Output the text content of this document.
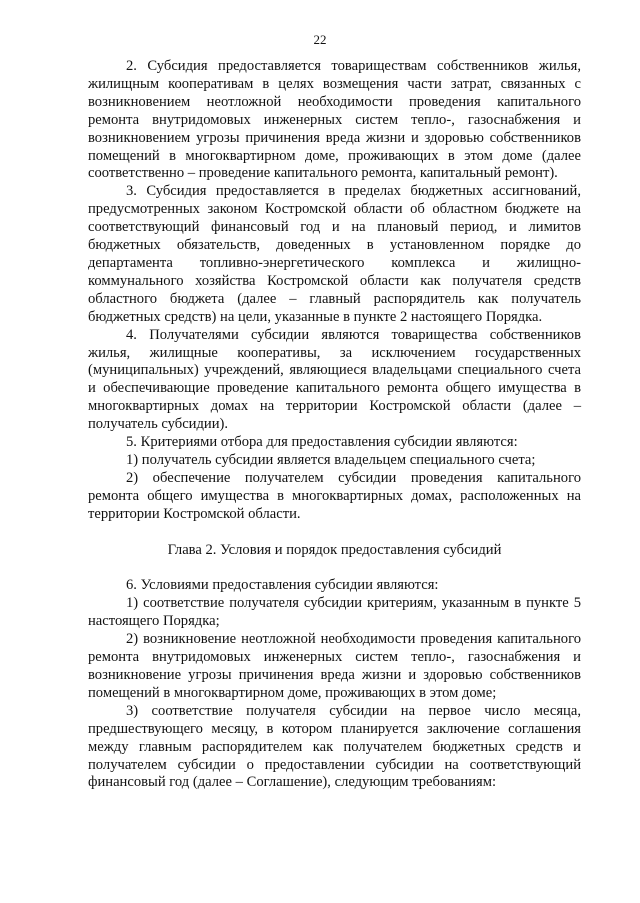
22

2. Субсидия предоставляется товариществам собственников жилья, жилищным кооперативам в целях возмещения части затрат, связанных с возникновением неотложной необходимости проведения капитального ремонта внутридомовых инженерных систем тепло-, газоснабжения и возникновением угрозы причинения вреда жизни и здоровью собственников помещений в многоквартирном доме, проживающих в этом доме (далее соответственно – проведение капитального ремонта, капитальный ремонт).

3. Субсидия предоставляется в пределах бюджетных ассигнований, предусмотренных законом Костромской области об областном бюджете на соответствующий финансовый год и на плановый период, и лимитов бюджетных обязательств, доведенных в установленном порядке до департамента топливно-энергетического комплекса и жилищно-коммунального хозяйства Костромской области как получателя средств областного бюджета (далее – главный распорядитель как получатель бюджетных средств) на цели, указанные в пункте 2 настоящего Порядка.

4. Получателями субсидии являются товарищества собственников жилья, жилищные кооперативы, за исключением государственных (муниципальных) учреждений, являющиеся владельцами специального счета и обеспечивающие проведение капитального ремонта общего имущества в многоквартирных домах на территории Костромской области (далее – получатель субсидии).

5. Критериями отбора для предоставления субсидии являются:

1) получатель субсидии является владельцем специального счета;

2) обеспечение получателем субсидии проведения капитального ремонта общего имущества в многоквартирных домах, расположенных на территории Костромской области.

Глава 2. Условия и порядок предоставления субсидий

6. Условиями предоставления субсидии являются:

1) соответствие получателя субсидии критериям, указанным в пункте 5 настоящего Порядка;

2) возникновение неотложной необходимости проведения капитального ремонта внутридомовых инженерных систем тепло-, газоснабжения и возникновение угрозы причинения вреда жизни и здоровью собственников помещений в многоквартирном доме, проживающих в этом доме;

3) соответствие получателя субсидии на первое число месяца, предшествующего месяцу, в котором планируется заключение соглашения между главным распорядителем как получателем бюджетных средств и получателем субсидии о предоставлении субсидии на соответствующий финансовый год (далее – Соглашение), следующим требованиям:
